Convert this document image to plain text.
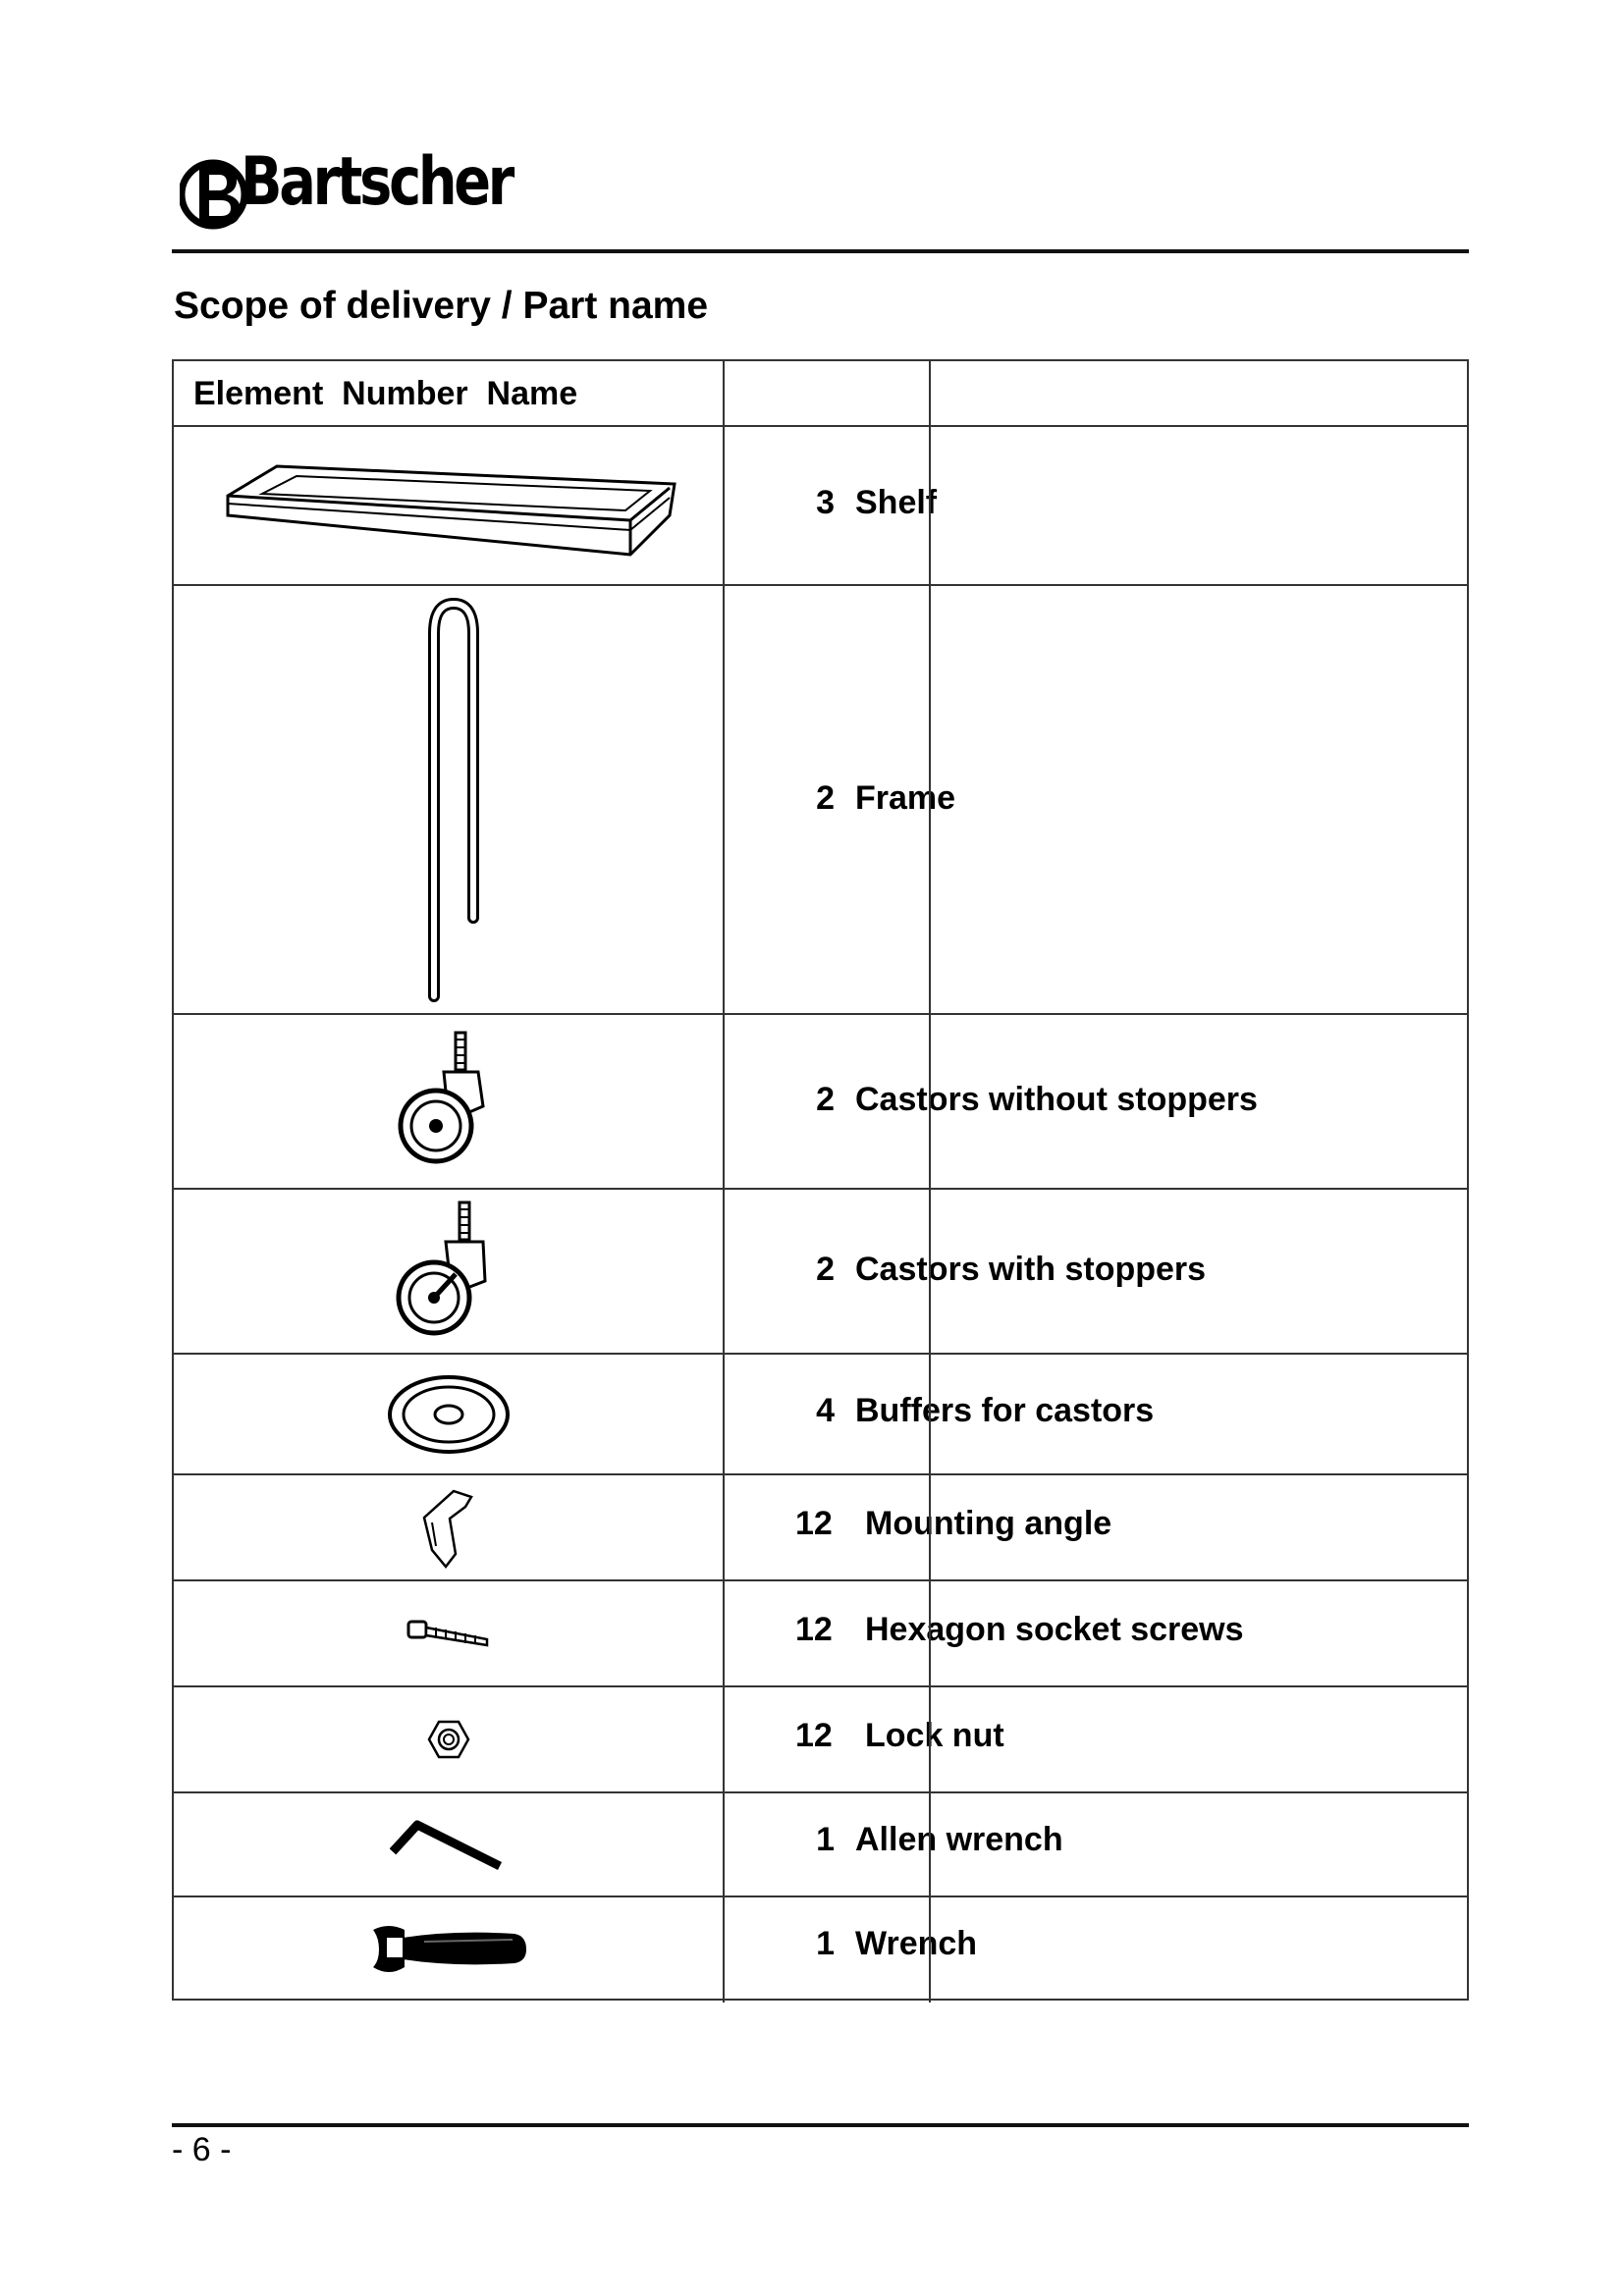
Bartscher
Scope of delivery / Part name
Element  Number  Name
3 Shelf
2 Frame
2 Castors without stoppers
2 Castors with stoppers
4 Buffers for castors
12 Mounting angle
12 Hexagon socket screws
12 Lock nut
1 Allen wrench
1 Wrench
- 6 -
